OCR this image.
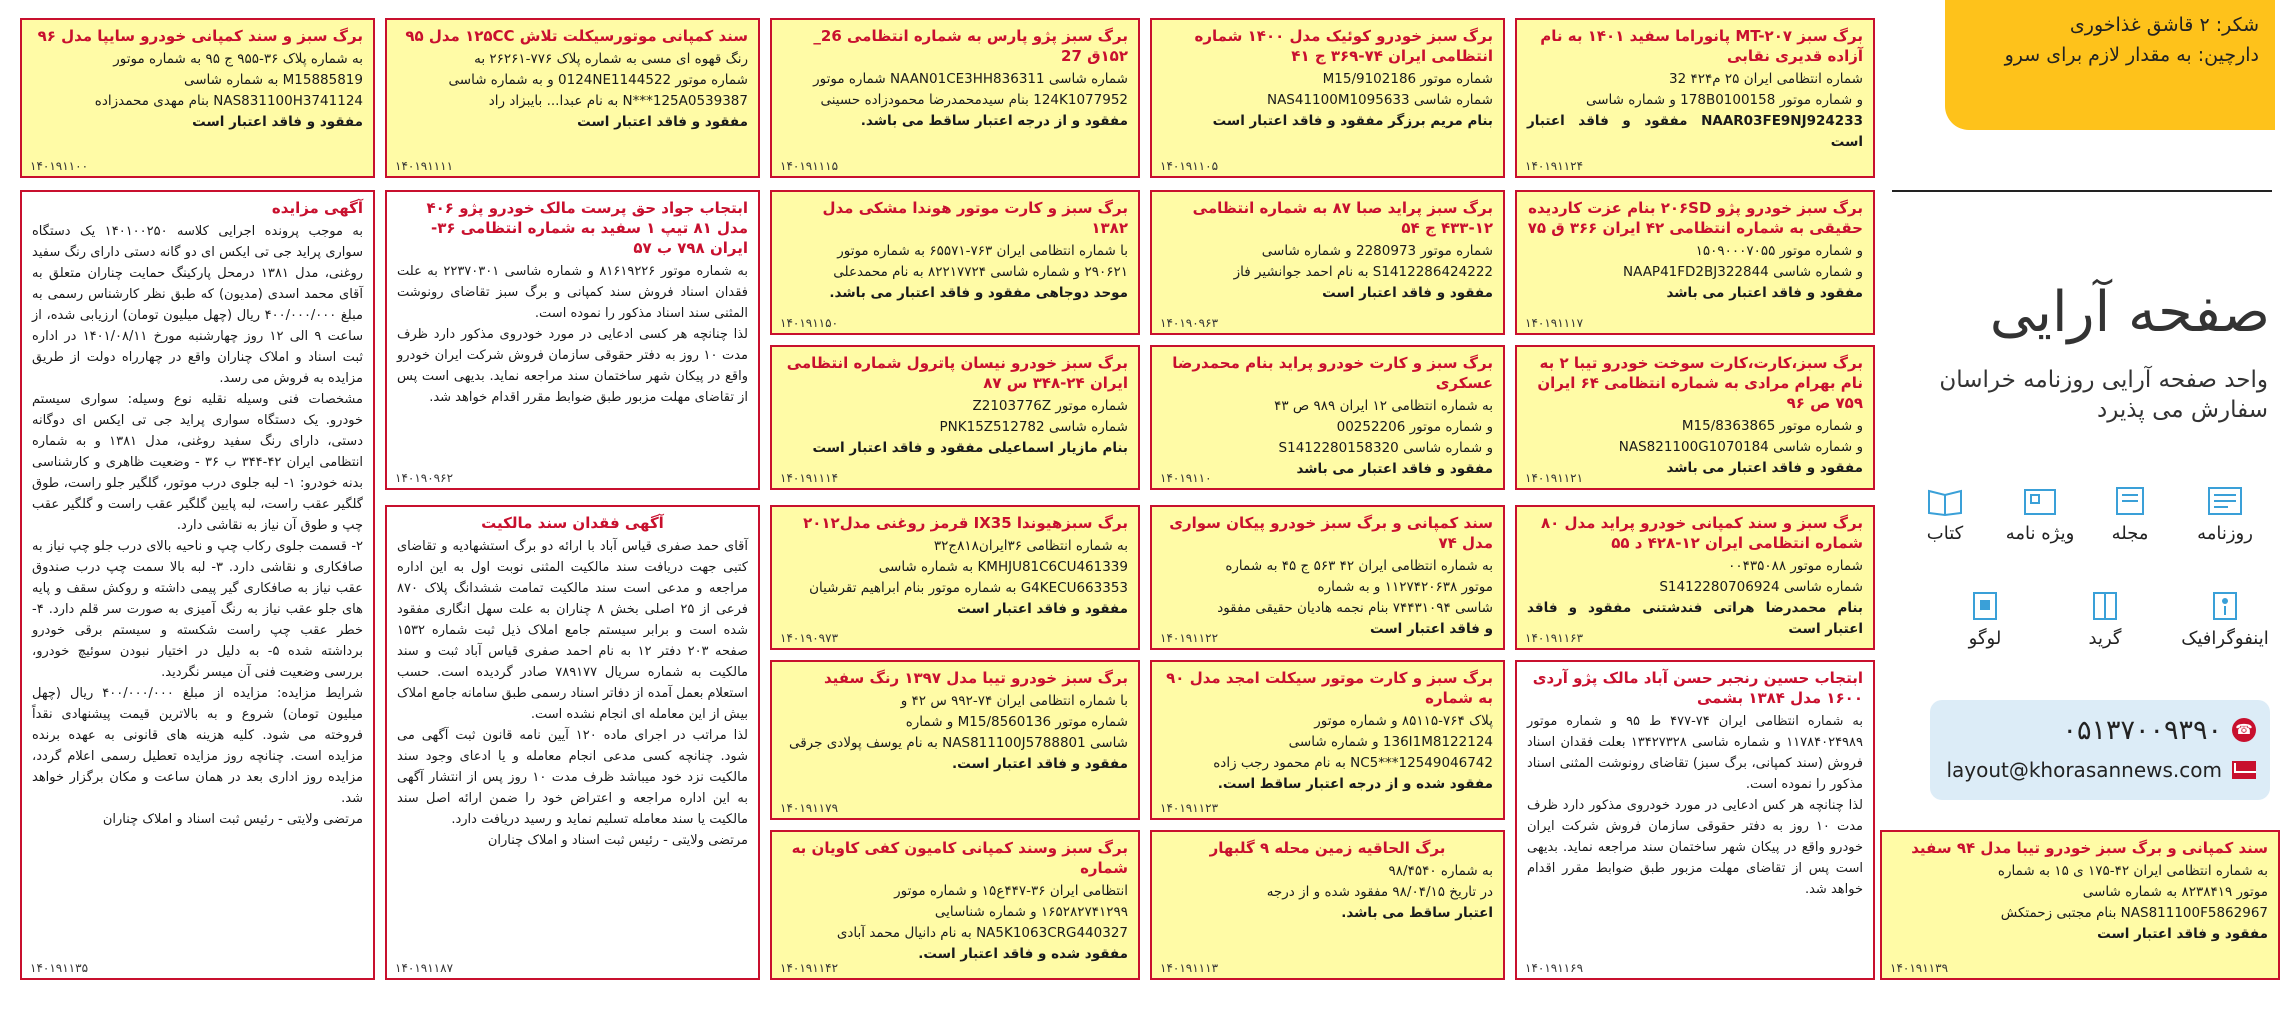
شکر: ۲ قاشق غذاخوری
دارچین: به مقدار لازم برای سرو
صفحه آرایی
واحد صفحه آرایی روزنامه خراسان سفارش می پذیرد
روزنامه
مجله
ویژه نامه
کتاب
اینفوگرافیک
گرید
لوگو
۰۵۱۳۷۰۰۹۳۹۰ ☎
layout@khorasannews.com
برگ سبز MT-۲۰۷ پانوراما سفید ۱۴۰۱ به نام آزاده قدیری نقابی
شماره انتظامی ایران ۲۵ م۴۲۴ 32
و شماره موتور 178B0100158 و شماره شاسی
NAAR03FE9NJ924233 مفقود و فاقد اعتبار است
۱۴۰۱۹۱۱۲۴
برگ سبز خودرو کوئیک مدل ۱۴۰۰ شماره انتظامی ایران ۷۴-۳۶۹ ج ۴۱
شماره موتور M15/9102186
شماره شاسی NAS41100M1095633
بنام مریم برزگر مفقود و فاقد اعتبار است
۱۴۰۱۹۱۱۰۵
برگ سبز پژو پارس به شماره انتظامی 26_ ۱۵۲ق 27
شماره شاسی NAAN01CE3HH836311 شماره موتور
124K1077952 بنام سیدمحمدرضا محمودزاده حسینی
مفقود و از درجه اعتبار ساقط می باشد.
۱۴۰۱۹۱۱۱۵
سند کمپانی موتورسیکلت تلاش ۱۲۵CC مدل ۹۵
رنگ قهوه ای مسی به شماره پلاک ۷۷۶-۲۶۲۶۱ به
شماره موتور 0124NE1144522 و به شماره شاسی
N***125A0539387 به نام عبدا... بایبزاد راد
مفقود و فاقد اعتبار است
۱۴۰۱۹۱۱۱۱
برگ سبز و سند کمپانی خودرو سایپا مدل ۹۶
به شماره پلاک ۳۶-۹۵۵ ج ۹۵ به شماره موتور
M15885819 به شماره شاسی
NAS831100H3741124 بنام مهدی محمدزاده
مفقود و فاقد اعتبار است
۱۴۰۱۹۱۱۰۰
برگ سبز خودرو پژو ۲۰۶SD بنام عزت کاردیده حقیقی به شماره انتظامی ۴۲ ایران ۳۶۶ ق ۷۵
و شماره موتور ۱۵۰۹۰۰۰۷۰۵۵
و شماره شاسی NAAP41FD2BJ322844
مفقود و فاقد اعتبار می باشد
۱۴۰۱۹۱۱۱۷
برگ سبز پراید صبا ۸۷ به شماره انتظامی ۱۲-۴۳۳ ج ۵۴
شماره موتور 2280973 و شماره شاسی
S1412286424222 به نام احمد جوانشیر فاز
مفقود و فاقد اعتبار است
۱۴۰۱۹۰۹۶۳
برگ سبز و کارت موتور هوندا مشکی مدل ۱۳۸۲
با شماره انتظامی ایران ۷۶۳-۶۵۵۷۱ به شماره موتور
۲۹۰۶۲۱ و شماره شاسی ۸۲۲۱۷۷۲۴ به نام محمدعلی
موحد دوجاهی مفقود و فاقد اعتبار می باشد.
۱۴۰۱۹۱۱۵۰
ابتجاب جواد حق پرست مالک خودرو پژو ۴۰۶ مدل ۸۱ تیپ ۱ سفید به شماره انتظامی ۳۶-ایران ۷۹۸ ب ۵۷
به شماره موتور ۸۱۶۱۹۲۲۶ و شماره شاسی ۲۲۳۷۰۳۰۱ به علت فقدان اسناد فروش سند کمپانی و برگ سبز تقاضای رونوشت المثنی سند اسناد مذکور را نموده است.
لذا چنانچه هر کسی ادعایی در مورد خودروی مذکور دارد ظرف مدت ۱۰ روز به دفتر حقوقی سازمان فروش شرکت ایران خودرو واقع در پیکان شهر ساختمان سند مراجعه نماید. بدیهی است پس از تقاضای مهلت مزبور طبق ضوابط مقرر اقدام خواهد شد.
۱۴۰۱۹۰۹۶۲
برگ سبز،کارت،کارت سوخت خودرو تیبا ۲ به نام بهرام مرادی به شماره انتظامی ۶۴ ایران ۷۵۹ ص ۹۶
و شماره موتور M15/8363865
و شماره شاسی NAS821100G1070184
مفقود و فاقد اعتبار می باشد
۱۴۰۱۹۱۱۲۱
برگ سبز و کارت خودرو پراید بنام محمدرضا عسکری
به شماره انتظامی ۱۲ ایران ۹۸۹ ص ۴۳
و شماره موتور 00252206
و شماره شاسی S1412280158320
مفقود و فاقد اعتبار می باشد
۱۴۰۱۹۱۱۰
برگ سبز خودرو نیسان پاترول شماره انتظامی ایران ۲۴-۳۴۸ س ۸۷
شماره موتور Z2103776Z
شماره شاسی PNK15Z512782
بنام مازیار اسماعیلی مفقود و فاقد اعتبار است
۱۴۰۱۹۱۱۱۴
برگ سبز و سند کمپانی خودرو پراید مدل ۸۰ شماره انتظامی ایران ۱۲-۴۲۸ د ۵۵
شماره موتور ۰۰۴۳۵۰۸۸
شماره شاسی S1412280706924
بنام محمدرضا هراتی فندشتنی مفقود و فاقد اعتبار است
۱۴۰۱۹۱۱۶۳
سند کمپانی و برگ سبز خودرو پیکان سواری مدل ۷۴
به شماره انتظامی ایران ۴۲ ۵۶۳ ج ۴۵ به شماره
موتور ۱۱۲۷۴۲۰۶۳۸ و به شماره
شاسی ۷۴۴۳۱۰۹۴ بنام نجمه هادیان حقیقی مفقود
و فاقد اعتبار است
۱۴۰۱۹۱۱۲۲
برگ سبزهیوندا IX35 قرمز روغنی مدل۲۰۱۲
به شماره انتظامی ۳۶ایران۸۱۸ج۳۲
KMHJU81C6CU461339 به شماره شاسی
G4KECU663353 به شماره موتور بنام ابراهیم تقرشیان
مفقود و فاقد اعتبار است
۱۴۰۱۹۰۹۷۳
آگهی فقدان سند مالکیت
آقای حمد صفری قیاس آباد با ارائه دو برگ استشهادیه و تقاضای کتبی جهت دریافت سند مالکیت المثنی نوبت اول به این اداره مراجعه و مدعی است سند مالکیت تمامت ششدانگ پلاک ۸۷۰ فرعی از ۲۵ اصلی بخش ۸ چناران به علت سهل انگاری مفقود شده است و برابر سیستم جامع املاک ذیل ثبت شماره ۱۵۳۲ صفحه ۲۰۳ دفتر ۱۲ به نام احمد صفری قیاس آباد ثبت و سند مالکیت به شماره سریال ۷۸۹۱۷۷ صادر گردیده است. حسب استعلام بعمل آمده از دفاتر اسناد رسمی طبق سامانه جامع املاک بیش از این معامله ای انجام نشده است.
لذا مراتب در اجرای ماده ۱۲۰ آیین نامه قانون ثبت آگهی می شود. چنانچه کسی مدعی انجام معامله و یا ادعای وجود سند مالکیت نزد خود میباشد ظرف مدت ۱۰ روز پس از انتشار آگهی به این اداره مراجعه و اعتراض خود را ضمن ارائه اصل سند مالکیت یا سند معامله تسلیم نماید و رسید دریافت دارد.
مرتضی ولایتی - رئیس ثبت اسناد و املاک چناران
۱۴۰۱۹۱۱۸۷
آگهی مزایده
به موجب پرونده اجرایی کلاسه ۱۴۰۱۰۰۲۵۰ یک دستگاه سواری پراید جی تی ایکس ای دو گانه دستی دارای رنگ سفید روغنی، مدل ۱۳۸۱ درمحل پارکینگ حمایت چناران متعلق به آقای محمد اسدی (مدیون) که طبق نظر کارشناس رسمی به مبلغ ۴۰۰/۰۰۰/۰۰۰ ریال (چهل میلیون تومان) ارزیابی شده، از ساعت ۹ الی ۱۲ روز چهارشنبه مورخ ۱۴۰۱/۰۸/۱۱ در اداره ثبت اسناد و املاک چناران واقع در چهارراه دولت از طریق مزایده به فروش می رسد.
مشخصات فنی وسیله نقلیه نوع وسیله: سواری سیستم خودرو. یک دستگاه سواری پراید جی تی ایکس ای دوگانه دستی، دارای رنگ سفید روغنی، مدل ۱۳۸۱ و به شماره انتظامی ایران ۴۲-۳۴۴ ب ۳۶ - وضعیت ظاهری و کارشناسی بدنه خودرو: ۱- لبه جلوی درب موتور، گلگیر جلو راست، طوق گلگیر عقب راست، لبه پایین گلگیر عقب راست و گلگیر عقب چپ و طوق آن نیاز به نقاشی دارد.
۲- قسمت جلوی رکاب چپ و ناحیه بالای درب جلو چپ نیاز به صافکاری و نقاشی دارد. ۳- لبه بالا سمت چپ درب صندوق عقب نیاز به صافکاری گیر پیمی داشته و روکش سقف و پایه های جلو عقب نیاز به رنگ آمیزی به صورت سر قلم دارد. ۴- خطر عقب چپ راست شکسته و سیستم برقی خودرو برداشته شده ۵- به دلیل در اختیار نبودن سوئیچ خودرو، بررسی وضعیت فنی آن میسر نگردید.
شرایط مزایده: مزایده از مبلغ ۴۰۰/۰۰۰/۰۰۰ ریال (چهل میلیون تومان) شروع و به بالاترین قیمت پیشنهادی نقداً فروخته می شود. کلیه هزینه های قانونی به عهده برنده مزایده است. چنانچه روز مزایده تعطیل رسمی اعلام گردد، مزایده روز اداری بعد در همان ساعت و مکان برگزار خواهد شد.
مرتضی ولایتی - رئیس ثبت اسناد و املاک چناران
۱۴۰۱۹۱۱۳۵
ابتجاب حسین رنجبر حسن آباد مالک پژو آردی ۱۶۰۰ مدل ۱۳۸۴ بشمی
به شماره انتظامی ایران ۷۴-۴۷۷ ط ۹۵ و شماره موتور ۱۱۷۸۴۰۲۴۹۸۹ و شماره شاسی ۱۳۴۲۷۳۲۸ بعلت فقدان اسناد فروش (سند کمپانی، برگ سبز) تقاضای رونوشت المثنی اسناد مذکور را نموده است.
لذا چنانچه هر کس ادعایی در مورد خودروی مذکور دارد ظرف مدت ۱۰ روز به دفتر حقوقی سازمان فروش شرکت ایران خودرو واقع در پیکان شهر ساختمان سند مراجعه نماید. بدیهی است پس از تقاضای مهلت مزبور طبق ضوابط مقرر اقدام خواهد شد.
۱۴۰۱۹۱۱۶۹
برگ سبز و کارت موتور سیکلت امجد مدل ۹۰ به شماره
پلاک ۷۶۴-۸۵۱۱۵ و شماره موتور
136I1M8122124 و شماره شاسی
NC5***12549046742 به نام محمود رجب زاده
مفقود شده و از درجه اعتبار ساقط است.
۱۴۰۱۹۱۱۲۳
برگ سبز خودرو تیبا مدل ۱۳۹۷ رنگ سفید
با شماره انتظامی ایران ۷۴-۹۹۲ س ۴۲ و
شماره موتور M15/8560136 و شماره
شاسی NAS811100J5788801 به نام یوسف پولادی جرقی
مفقود و فاقد اعتبار است.
۱۴۰۱۹۱۱۷۹
سند کمپانی و برگ سبز خودرو تیبا مدل ۹۴ سفید
به شماره انتظامی ایران ۴۲-۱۷۵ ی ۱۵ به شماره
موتور ۸۲۳۸۴۱۹ به شماره شاسی
NAS811100F5862967 بنام مجتبی زحمتکش
مفقود و فاقد اعتبار است
۱۴۰۱۹۱۱۳۹
برگ الحاقیه زمین محله ۹ گلبهار
به شماره ۹۸/۴۵۴۰
در تاریخ ۹۸/۰۴/۱۵ مفقود شده و از درجه
اعتبار ساقط می باشد.
۱۴۰۱۹۱۱۱۳
برگ سبز وسند کمپانی کامیون کفی کاویان به شماره
انتظامی ایران ۳۶-۴۴۷ع۱۵ و شماره موتور
۱۶۵۲۸۲۷۴۱۲۹۹ و شماره شناسایی
NA5K1063CRG440327 به نام دانیال محمد آبادی
مفقود شده و فاقد اعتبار است.
۱۴۰۱۹۱۱۴۲
